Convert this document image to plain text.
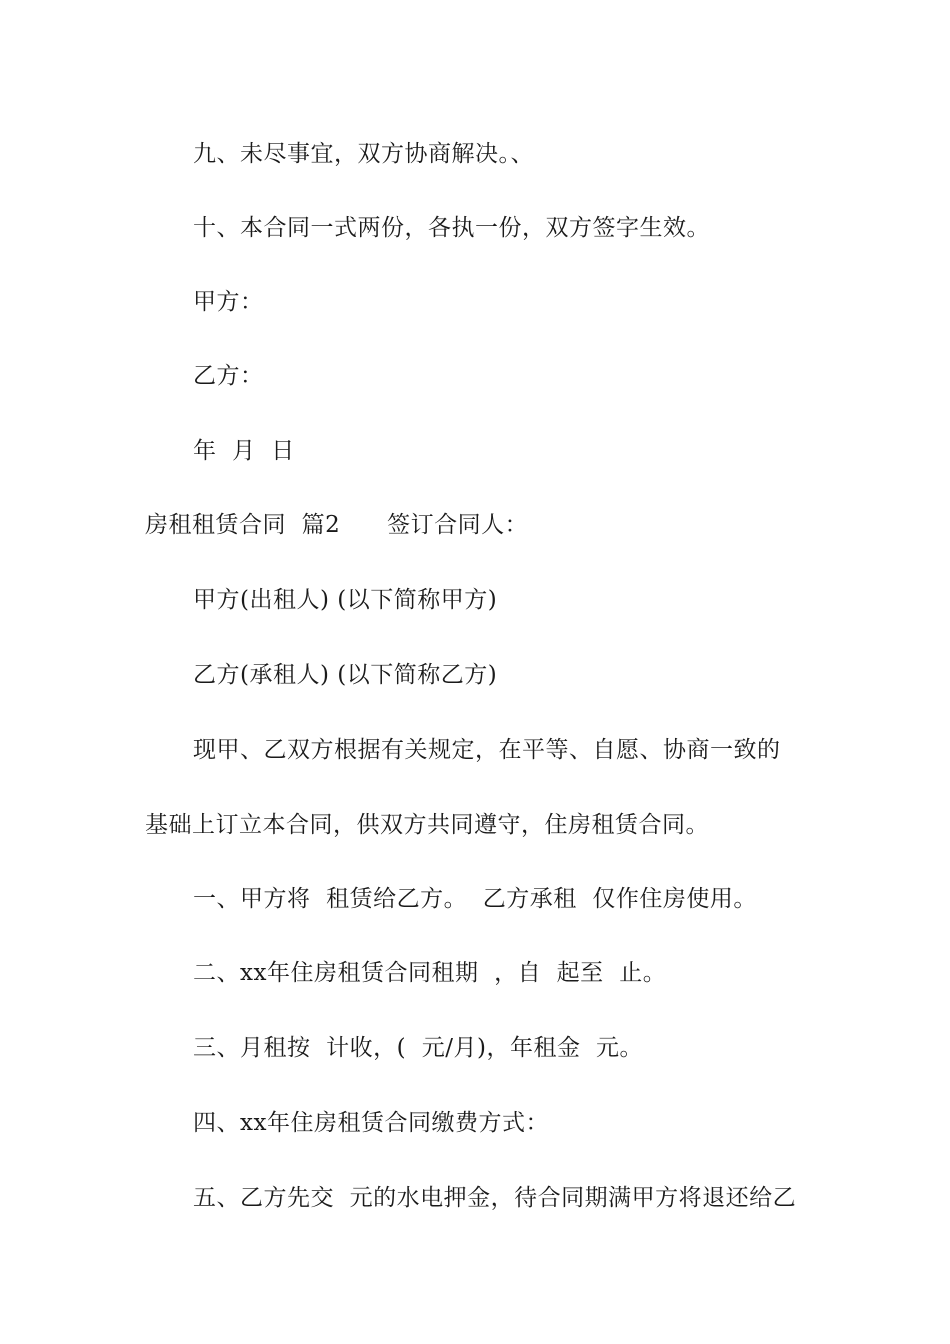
九、未尽事宜，双方协商解决。、
十、本合同一式两份，各执一份，双方签字生效。
甲方：
乙方：
年  月  日
房租租赁合同  篇2      签订合同人：
甲方(出租人) (以下简称甲方)
乙方(承租人) (以下简称乙方)
现甲、乙双方根据有关规定，在平等、自愿、协商一致的
基础上订立本合同，供双方共同遵守，住房租赁合同。
一、甲方将  租赁给乙方。  乙方承租  仅作住房使用。
二、xx年住房租赁合同租期  ，自  起至  止。
三、月租按  计收，(  元/月)，年租金  元。
四、xx年住房租赁合同缴费方式：
五、乙方先交  元的水电押金，待合同期满甲方将退还给乙
